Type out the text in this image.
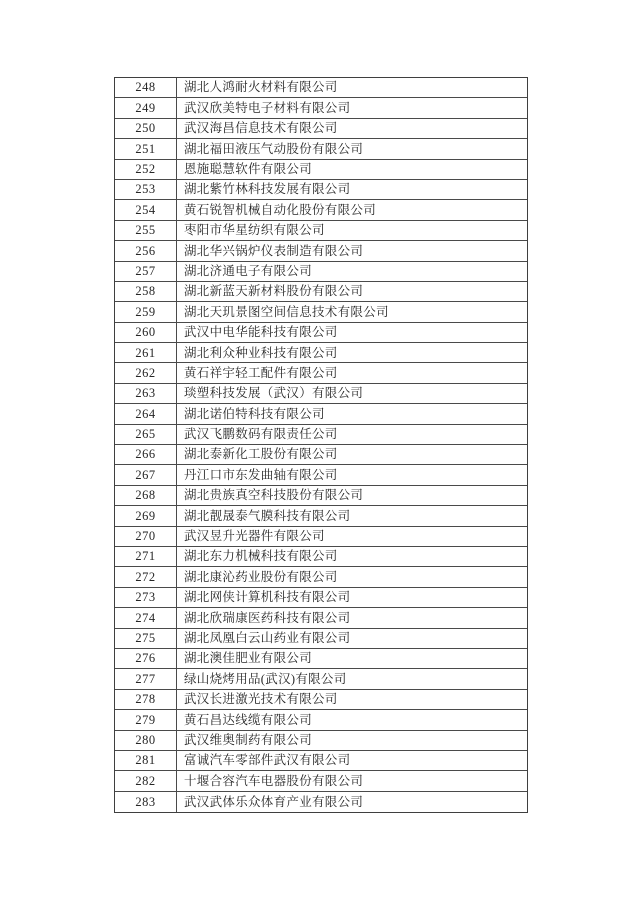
248	湖北人鸿耐火材料有限公司
249	武汉欣美特电子材料有限公司
250	武汉海昌信息技术有限公司
251	湖北福田液压气动股份有限公司
252	恩施聪慧软件有限公司
253	湖北紫竹林科技发展有限公司
254	黄石锐智机械自动化股份有限公司
255	枣阳市华星纺织有限公司
256	湖北华兴锅炉仪表制造有限公司
257	湖北济通电子有限公司
258	湖北新蓝天新材料股份有限公司
259	湖北天玑景图空间信息技术有限公司
260	武汉中电华能科技有限公司
261	湖北利众种业科技有限公司
262	黄石祥宇轻工配件有限公司
263	琰塑科技发展（武汉）有限公司
264	湖北诺伯特科技有限公司
265	武汉飞鹏数码有限责任公司
266	湖北泰新化工股份有限公司
267	丹江口市东发曲轴有限公司
268	湖北贵族真空科技股份有限公司
269	湖北靓晟泰气膜科技有限公司
270	武汉昱升光器件有限公司
271	湖北东力机械科技有限公司
272	湖北康沁药业股份有限公司
273	湖北网侠计算机科技有限公司
274	湖北欣瑞康医药科技有限公司
275	湖北凤凰白云山药业有限公司
276	湖北澳佳肥业有限公司
277	绿山烧烤用品(武汉)有限公司
278	武汉长进激光技术有限公司
279	黄石昌达线缆有限公司
280	武汉维奥制药有限公司
281	富诚汽车零部件武汉有限公司
282	十堰合容汽车电器股份有限公司
283	武汉武体乐众体育产业有限公司
